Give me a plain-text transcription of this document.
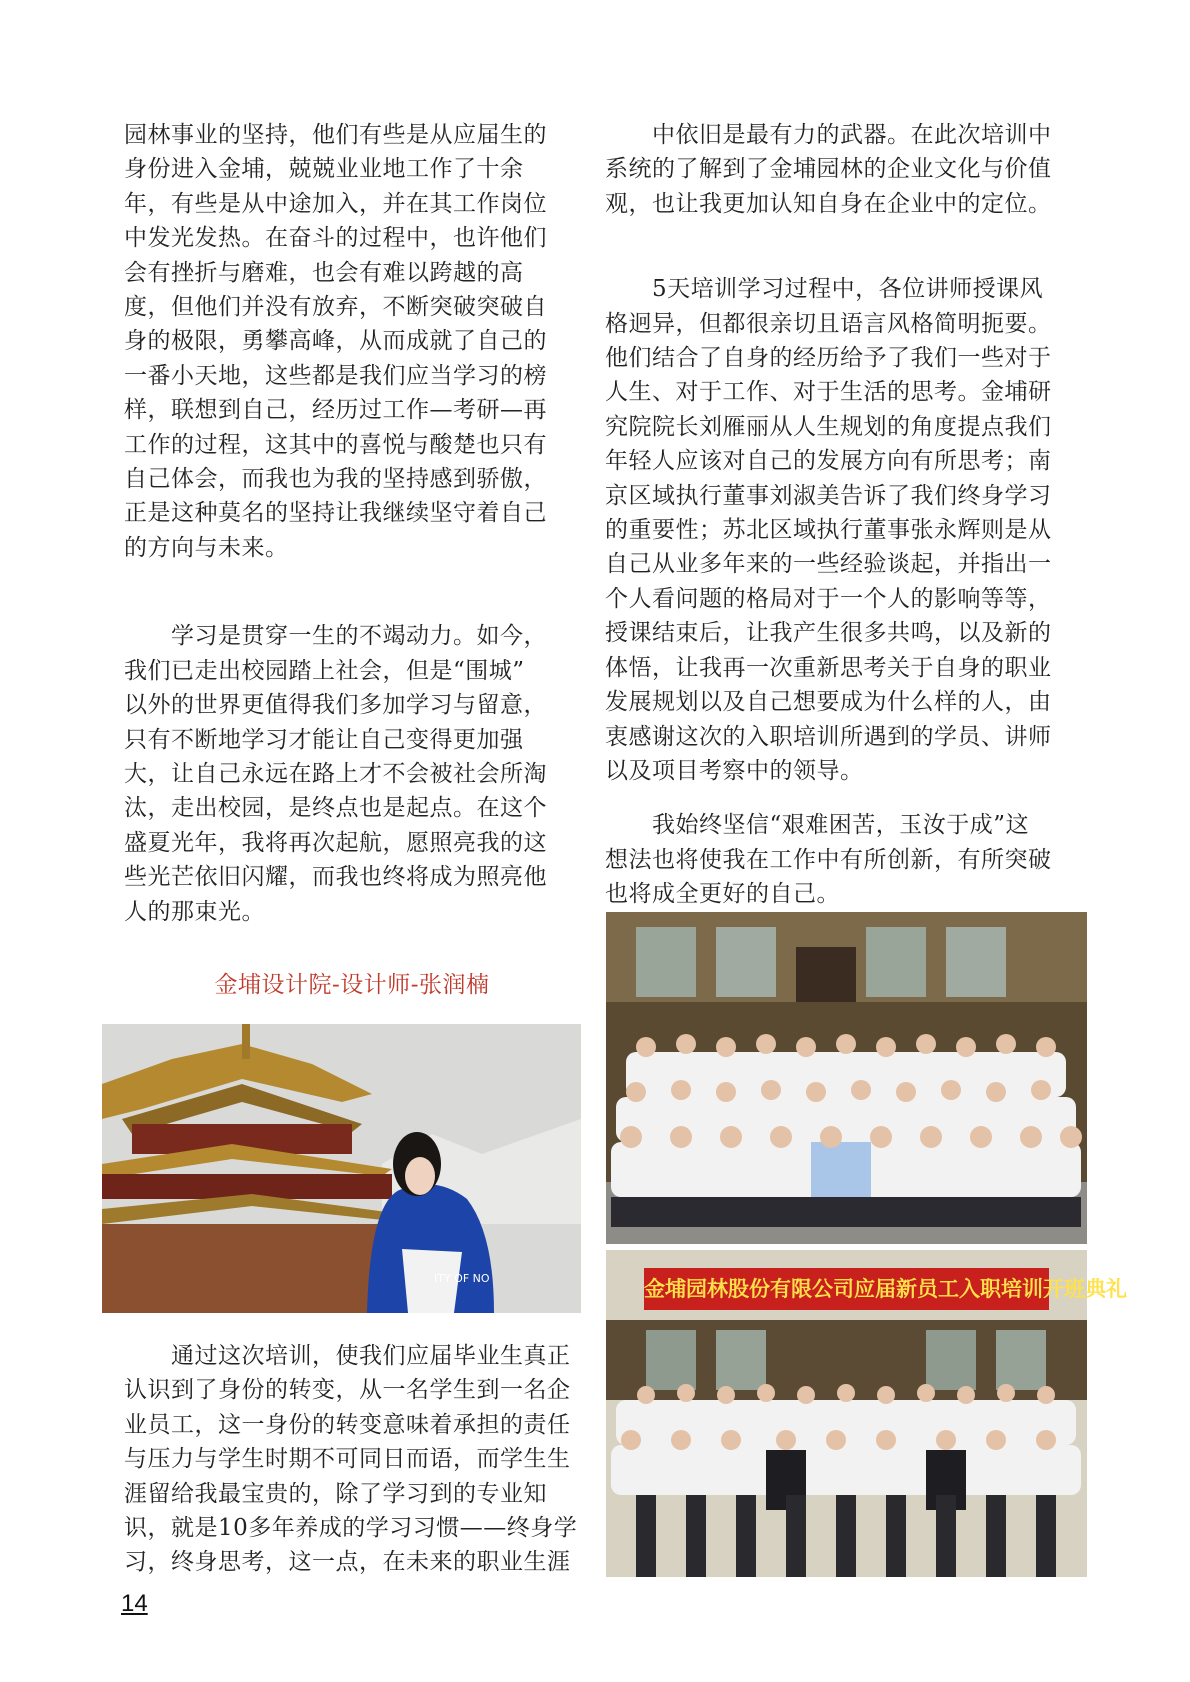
园林事业的坚持，他们有些是从应届生的
身份进入金埔，兢兢业业地工作了十余
年，有些是从中途加入，并在其工作岗位
中发光发热。在奋斗的过程中，也许他们
会有挫折与磨难，也会有难以跨越的高
度，但他们并没有放弃，不断突破突破自
身的极限，勇攀高峰，从而成就了自己的
一番小天地，这些都是我们应当学习的榜
样，联想到自己，经历过工作—考研—再
工作的过程，这其中的喜悦与酸楚也只有
自己体会，而我也为我的坚持感到骄傲，
正是这种莫名的坚持让我继续坚守着自己
的方向与未来。

　　学习是贯穿一生的不竭动力。如今，
我们已走出校园踏上社会，但是“围城”
以外的世界更值得我们多加学习与留意，
只有不断地学习才能让自己变得更加强
大，让自己永远在路上才不会被社会所淘
汰，走出校园，是终点也是起点。在这个
盛夏光年，我将再次起航，愿照亮我的这
些光芒依旧闪耀，而我也终将成为照亮他
人的那束光。

金埔设计院-设计师-张润楠

　　通过这次培训，使我们应届毕业生真正
认识到了身份的转变，从一名学生到一名企
业员工，这一身份的转变意味着承担的责任
与压力与学生时期不可同日而语，而学生生
涯留给我最宝贵的，除了学习到的专业知
识，就是10多年养成的学习习惯——终身学
习，终身思考，这一点，在未来的职业生涯

　　中依旧是最有力的武器。在此次培训中
系统的了解到了金埔园林的企业文化与价值
观，也让我更加认知自身在企业中的定位。

　　5天培训学习过程中，各位讲师授课风
格迥异，但都很亲切且语言风格简明扼要。
他们结合了自身的经历给予了我们一些对于
人生、对于工作、对于生活的思考。金埔研
究院院长刘雁丽从人生规划的角度提点我们
年轻人应该对自己的发展方向有所思考；南
京区域执行董事刘淑美告诉了我们终身学习
的重要性；苏北区域执行董事张永辉则是从
自己从业多年来的一些经验谈起，并指出一
个人看问题的格局对于一个人的影响等等，
授课结束后，让我产生很多共鸣，以及新的
体悟，让我再一次重新思考关于自身的职业
发展规划以及自己想要成为什么样的人，由
衷感谢这次的入职培训所遇到的学员、讲师
以及项目考察中的领导。

　　我始终坚信“艰难困苦，玉汝于成”这
想法也将使我在工作中有所创新，有所突破
也将成全更好的自己。

ITY OF NO	金埔园林股份有限公司应届新员工入职培训开班典礼
14
